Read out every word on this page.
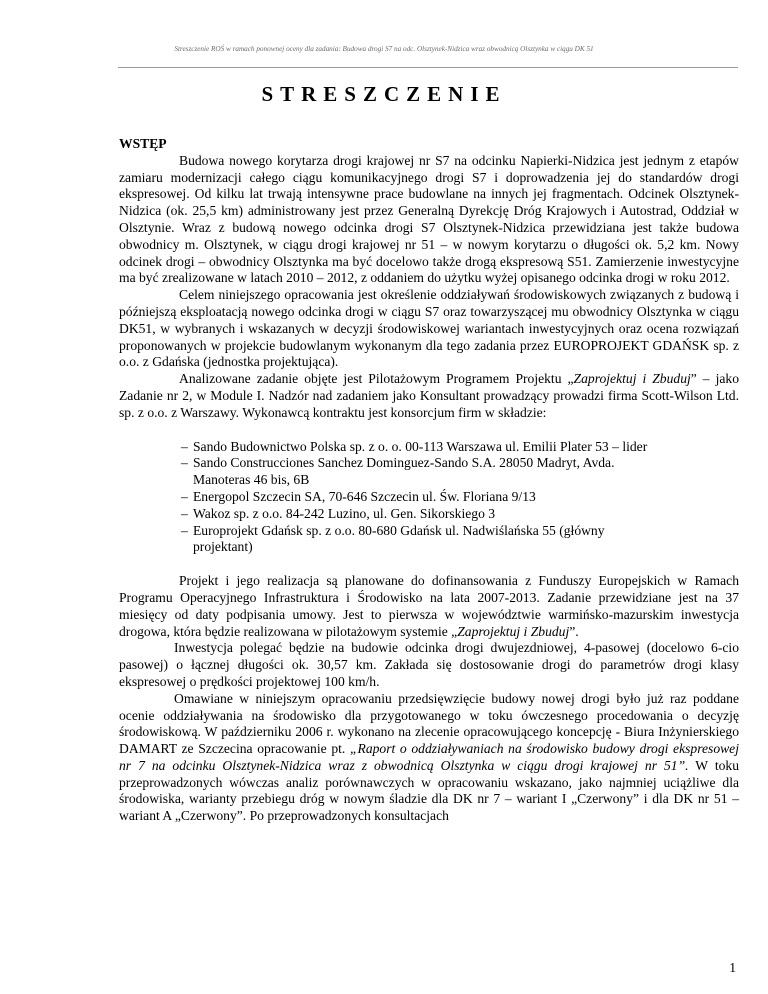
Streszczenie ROŚ w ramach ponownej oceny dla zadania: Budowa drogi S7 na odc. Olsztynek-Nidzica wraz obwodnicą Olsztynka w ciągu DK 51
STRESZCZENIE

WSTĘP

Budowa nowego korytarza drogi krajowej nr S7 na odcinku Napierki-Nidzica jest jednym z etapów zamiaru modernizacji całego ciągu komunikacyjnego drogi S7 i doprowadzenia jej do standardów drogi ekspresowej. Od kilku lat trwają intensywne prace budowlane na innych jej fragmentach. Odcinek Olsztynek-Nidzica (ok. 25,5 km) administrowany jest przez Generalną Dyrekcję Dróg Krajowych i Autostrad, Oddział w Olsztynie. Wraz z budową nowego odcinka drogi S7 Olsztynek-Nidzica przewidziana jest także budowa obwodnicy m. Olsztynek, w ciągu drogi krajowej nr 51 – w nowym korytarzu o długości ok. 5,2 km. Nowy odcinek drogi – obwodnicy Olsztynka ma być docelowo także drogą ekspresową S51. Zamierzenie inwestycyjne ma być zrealizowane w latach 2010 – 2012, z oddaniem do użytku wyżej opisanego odcinka drogi w roku 2012.

Celem niniejszego opracowania jest określenie oddziaływań środowiskowych związanych z budową i późniejszą eksploatacją nowego odcinka drogi w ciągu S7 oraz towarzyszącej mu obwodnicy Olsztynka w ciągu DK51, w wybranych i wskazanych w decyzji środowiskowej wariantach inwestycyjnych oraz ocena rozwiązań proponowanych w projekcie budowlanym wykonanym dla tego zadania przez EUROPROJEKT GDAŃSK sp. z o.o. z Gdańska (jednostka projektująca).

Analizowane zadanie objęte jest Pilotażowym Programem Projektu „Zaprojektuj i Zbuduj” – jako Zadanie nr 2, w Module I. Nadzór nad zadaniem jako Konsultant prowadzący prowadzi firma Scott-Wilson Ltd. sp. z o.o. z Warszawy. Wykonawcą kontraktu jest konsorcjum firm w składzie:

– Sando Budownictwo Polska sp. z o. o. 00-113 Warszawa ul. Emilii Plater 53 – lider
– Sando Construcciones Sanchez Dominguez-Sando S.A. 28050 Madryt, Avda.
Manoteras 46 bis, 6B
– Energopol Szczecin SA, 70-646 Szczecin ul. Św. Floriana 9/13
– Wakoz sp. z o.o. 84-242 Luzino, ul. Gen. Sikorskiego 3
– Europrojekt Gdańsk sp. z o.o. 80-680 Gdańsk ul. Nadwiślańska 55 (główny
projektant)

Projekt i jego realizacja są planowane do dofinansowania z Funduszy Europejskich w Ramach Programu Operacyjnego Infrastruktura i Środowisko na lata 2007-2013. Zadanie przewidziane jest na 37 miesięcy od daty podpisania umowy. Jest to pierwsza w województwie warmińsko-mazurskim inwestycja drogowa, która będzie realizowana w pilotażowym systemie „Zaprojektuj i Zbuduj”.

Inwestycja polegać będzie na budowie odcinka drogi dwujezdniowej, 4-pasowej (docelowo 6-cio pasowej) o łącznej długości ok. 30,57 km. Zakłada się dostosowanie drogi do parametrów drogi klasy ekspresowej o prędkości projektowej 100 km/h.

Omawiane w niniejszym opracowaniu przedsięwzięcie budowy nowej drogi było już raz poddane ocenie oddziaływania na środowisko dla przygotowanego w toku ówczesnego procedowania o decyzję środowiskową. W październiku 2006 r. wykonano na zlecenie opracowującego koncepcję - Biura Inżynierskiego DAMART ze Szczecina opracowanie pt. „Raport o oddziaływaniach na środowisko budowy drogi ekspresowej nr 7 na odcinku Olsztynek-Nidzica wraz z obwodnicą Olsztynka w ciągu drogi krajowej nr 51”. W toku przeprowadzonych wówczas analiz porównawczych w opracowaniu wskazano, jako najmniej uciążliwe dla środowiska, warianty przebiegu dróg w nowym śladzie dla DK nr 7 – wariant I „Czerwony” i dla DK nr 51 – wariant A „Czerwony”. Po przeprowadzonych konsultacjach

1
